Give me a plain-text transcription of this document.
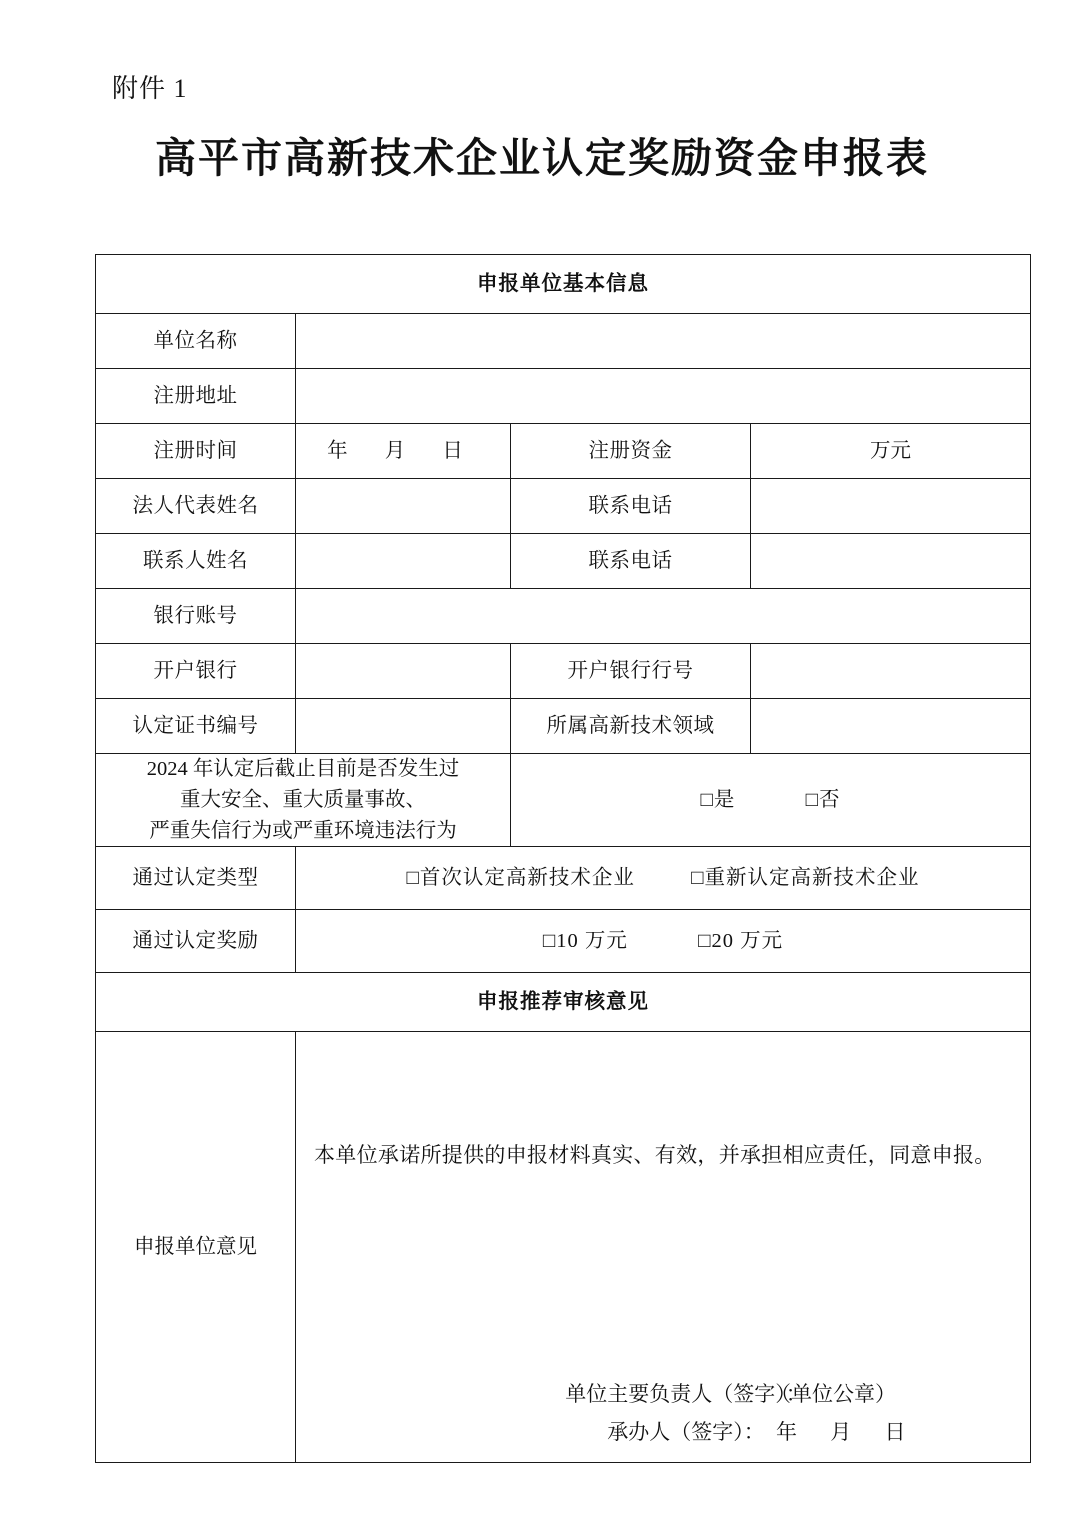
附件 1
高平市高新技术企业认定奖励资金申报表
申报单位基本信息			
单位名称			
注册地址			
注册时间	年 月 日	注册资金	万元
法人代表姓名		联系电话	
联系人姓名		联系电话	
银行账号			
开户银行		开户银行行号	
认定证书编号		所属高新技术领域	

2024 年认定后截止目前是否发生过
重大安全、重大质量事故、
严重失信行为或严重环境违法行为		□是 □否	
通过认定类型	□首次认定高新技术企业 □重新认定高新技术企业		
通过认定奖励	□10 万元 □20 万元		
申报推荐审核意见			
申报单位意见	本单位承诺所提供的申报材料真实、有效，并承担相应责任，同意申报。
单位主要负责人（签字）：
承办人（签字）：
（单位公章）
年 月 日		
